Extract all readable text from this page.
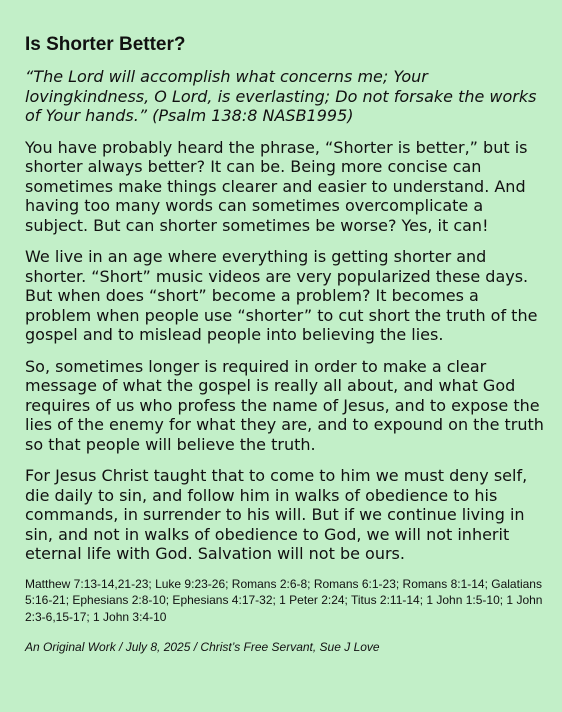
Is Shorter Better?

“The Lord will accomplish what concerns me; Your lovingkindness, O Lord, is everlasting; Do not forsake the works of Your hands.” (Psalm 138:8 NASB1995)

You have probably heard the phrase, “Shorter is better,” but is shorter always better? It can be. Being more concise can sometimes make things clearer and easier to understand. And having too many words can sometimes overcomplicate a subject. But can shorter sometimes be worse? Yes, it can!

We live in an age where everything is getting shorter and shorter. “Short” music videos are very popularized these days. But when does “short” become a problem? It becomes a problem when people use “shorter” to cut short the truth of the gospel and to mislead people into believing the lies.

So, sometimes longer is required in order to make a clear message of what the gospel is really all about, and what God requires of us who profess the name of Jesus, and to expose the lies of the enemy for what they are, and to expound on the truth so that people will believe the truth.

For Jesus Christ taught that to come to him we must deny self, die daily to sin, and follow him in walks of obedience to his commands, in surrender to his will. But if we continue living in sin, and not in walks of obedience to God, we will not inherit eternal life with God. Salvation will not be ours.

Matthew 7:13-14,21-23; Luke 9:23-26; Romans 2:6-8; Romans 6:1-23; Romans 8:1-14; Galatians 5:16-21; Ephesians 2:8-10; Ephesians 4:17-32; 1 Peter 2:24; Titus 2:11-14; 1 John 1:5-10; 1 John 2:3-6,15-17; 1 John 3:4-10

An Original Work / July 8, 2025 / Christ’s Free Servant, Sue J Love
